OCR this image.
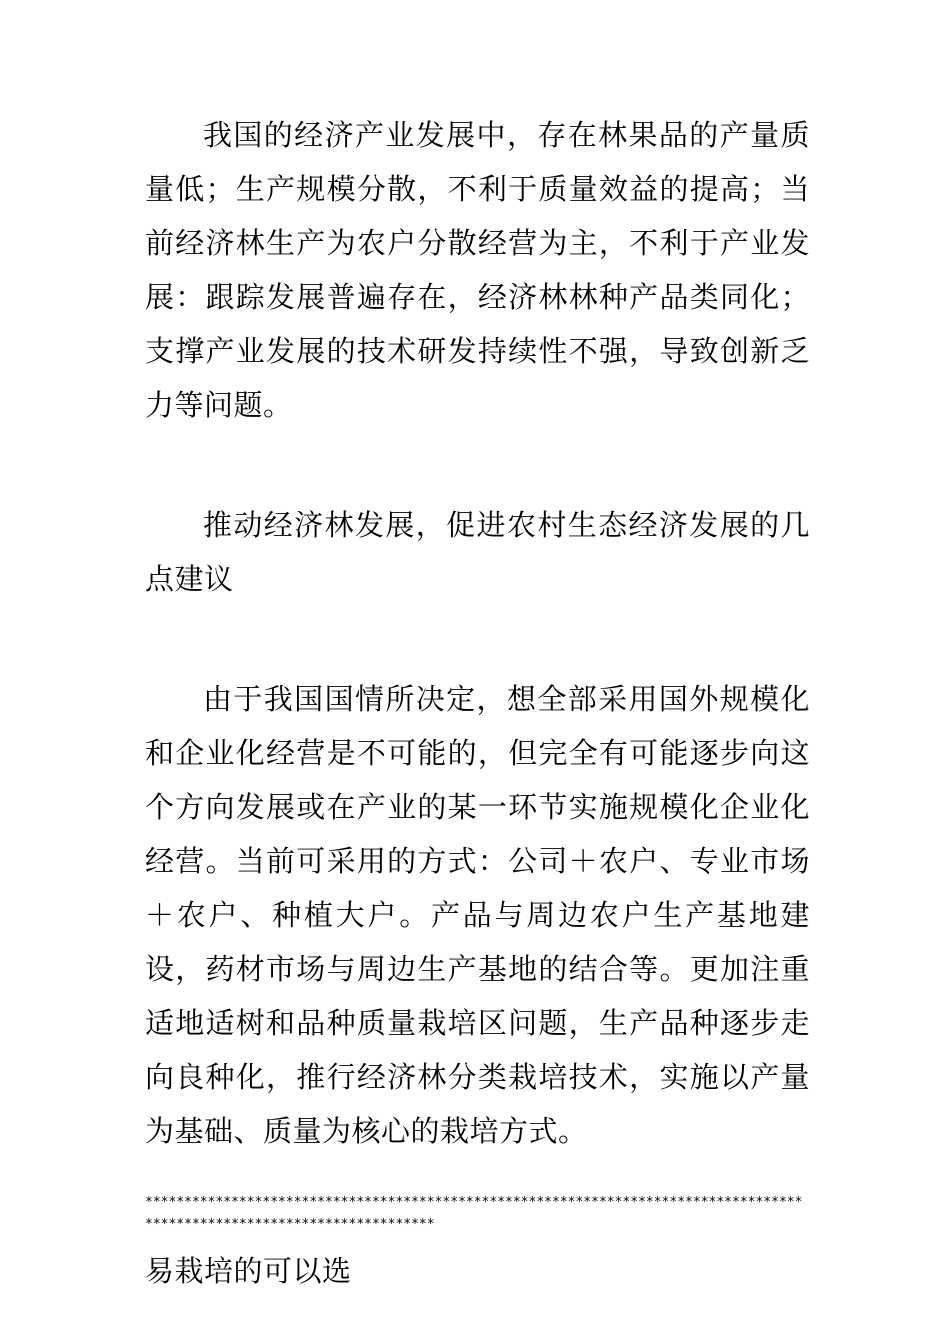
我国的经济产业发展中，存在林果品的产量质量低；生产规模分散，不利于质量效益的提高；当前经济林生产为农户分散经营为主，不利于产业发展：跟踪发展普遍存在，经济林林种产品类同化；支撑产业发展的技术研发持续性不强，导致创新乏力等问题。

推动经济林发展，促进农村生态经济发展的几点建议

由于我国国情所决定，想全部采用国外规模化和企业化经营是不可能的，但完全有可能逐步向这个方向发展或在产业的某一环节实施规模化企业化经营。当前可采用的方式：公司＋农户、专业市场＋农户、种植大户。产品与周边农户生产基地建设，药材市场与周边生产基地的结合等。更加注重适地适树和品种质量栽培区问题，生产品种逐步走向良种化，推行经济林分类栽培技术，实施以产量为基础、质量为核心的栽培方式。

*************************************************************************************************************************

易栽培的可以选
